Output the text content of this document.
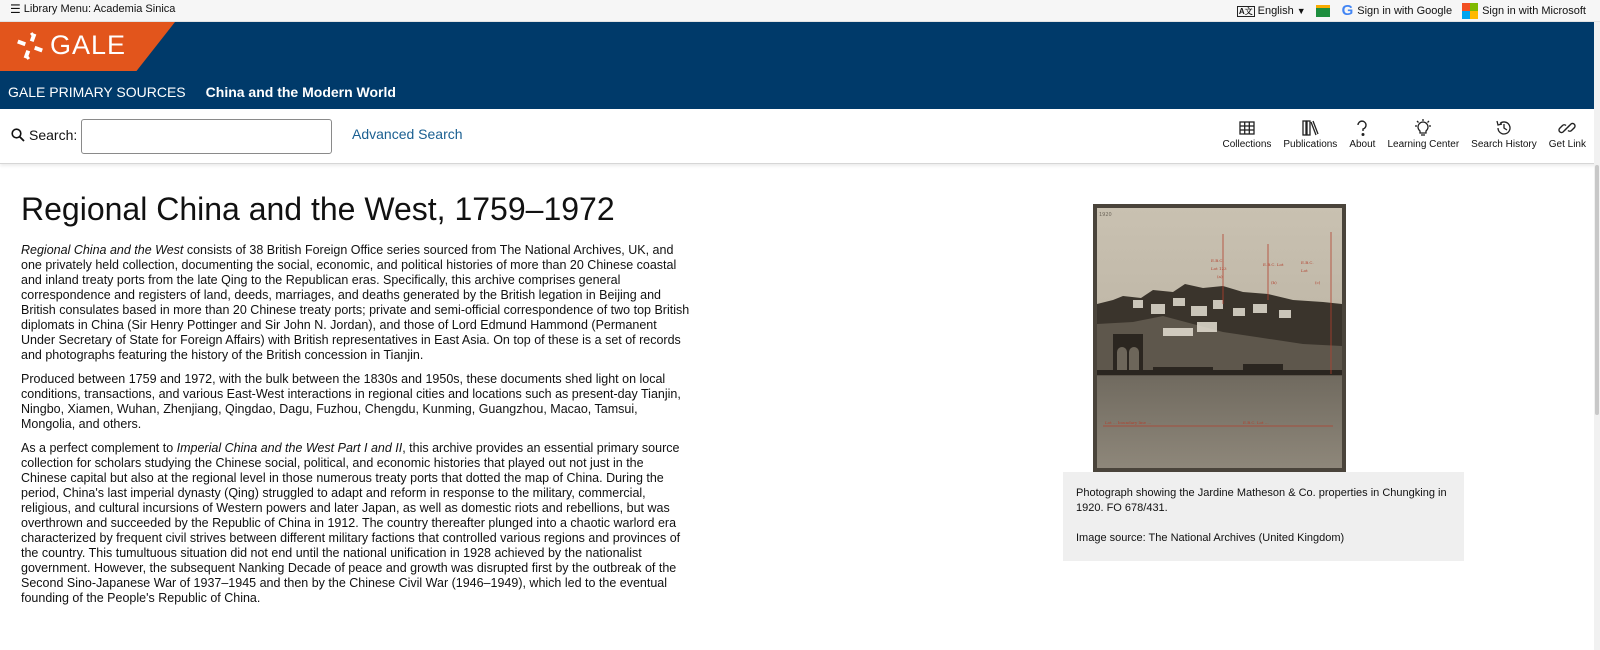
☰ Library Menu: Academia Sinica	A文 English ▼ G Sign in with Google	Sign in with Microsoft
GALE
GALE PRIMARY SOURCES China and the Modern World
Search:	Advanced Search
Collections Publications About Learning Center Search History Get Link
Regional China and the West, 1759–1972

Regional China and the West consists of 38 British Foreign Office series sourced from The National Archives, UK, and one privately held collection, documenting the social, economic, and political histories of more than 20 Chinese coastal and inland treaty ports from the late Qing to the Republican eras. Specifically, this archive comprises general correspondence and registers of land, deeds, marriages, and deaths generated by the British legation in Beijing and British consulates based in more than 20 Chinese treaty ports; private and semi-official correspondence of two top British diplomats in China (Sir Henry Pottinger and Sir John N. Jordan), and those of Lord Edmund Hammond (Permanent Under Secretary of State for Foreign Affairs) with British representatives in East Asia. On top of these is a set of records and photographs featuring the history of the British concession in Tianjin.

Produced between 1759 and 1972, with the bulk between the 1830s and 1950s, these documents shed light on local conditions, transactions, and various East-West interactions in regional cities and locations such as present-day Tianjin, Ningbo, Xiamen, Wuhan, Zhenjiang, Qingdao, Dagu, Fuzhou, Chengdu, Kunming, Guangzhou, Macao, Tamsui, Mongolia, and others.

As a perfect complement to Imperial China and the West Part I and II, this archive provides an essential primary source collection for scholars studying the Chinese social, political, and economic histories that played out not just in the Chinese capital but also at the regional level in those numerous treaty ports that dotted the map of China. During the period, China's last imperial dynasty (Qing) struggled to adapt and reform in response to the military, commercial, religious, and cultural incursions of Western powers and later Japan, as well as domestic riots and rebellions, but was overthrown and succeeded by the Republic of China in 1912. The country thereafter plunged into a chaotic warlord era characterized by frequent civil strives between different military factions that controlled various regions and provinces of the country. This tumultuous situation did not end until the national unification in 1928 achieved by the nationalist government. However, the subsequent Nanking Decade of peace and growth was disrupted first by the outbreak of the Second Sino-Japanese War of 1937–1945 and then by the Chinese Civil War (1946–1949), which led to the eventual founding of the People's Republic of China.

E.B.C.
Lot 123
(a)
E.B.C. Lot
(b)
E.B.C.
Lot
(c)
Lot ... boundary line ...	E.B.C. Lot ...
1920

Photograph showing the Jardine Matheson & Co. properties in Chungking in 1920. FO 678/431.

Image source: The National Archives (United Kingdom)
